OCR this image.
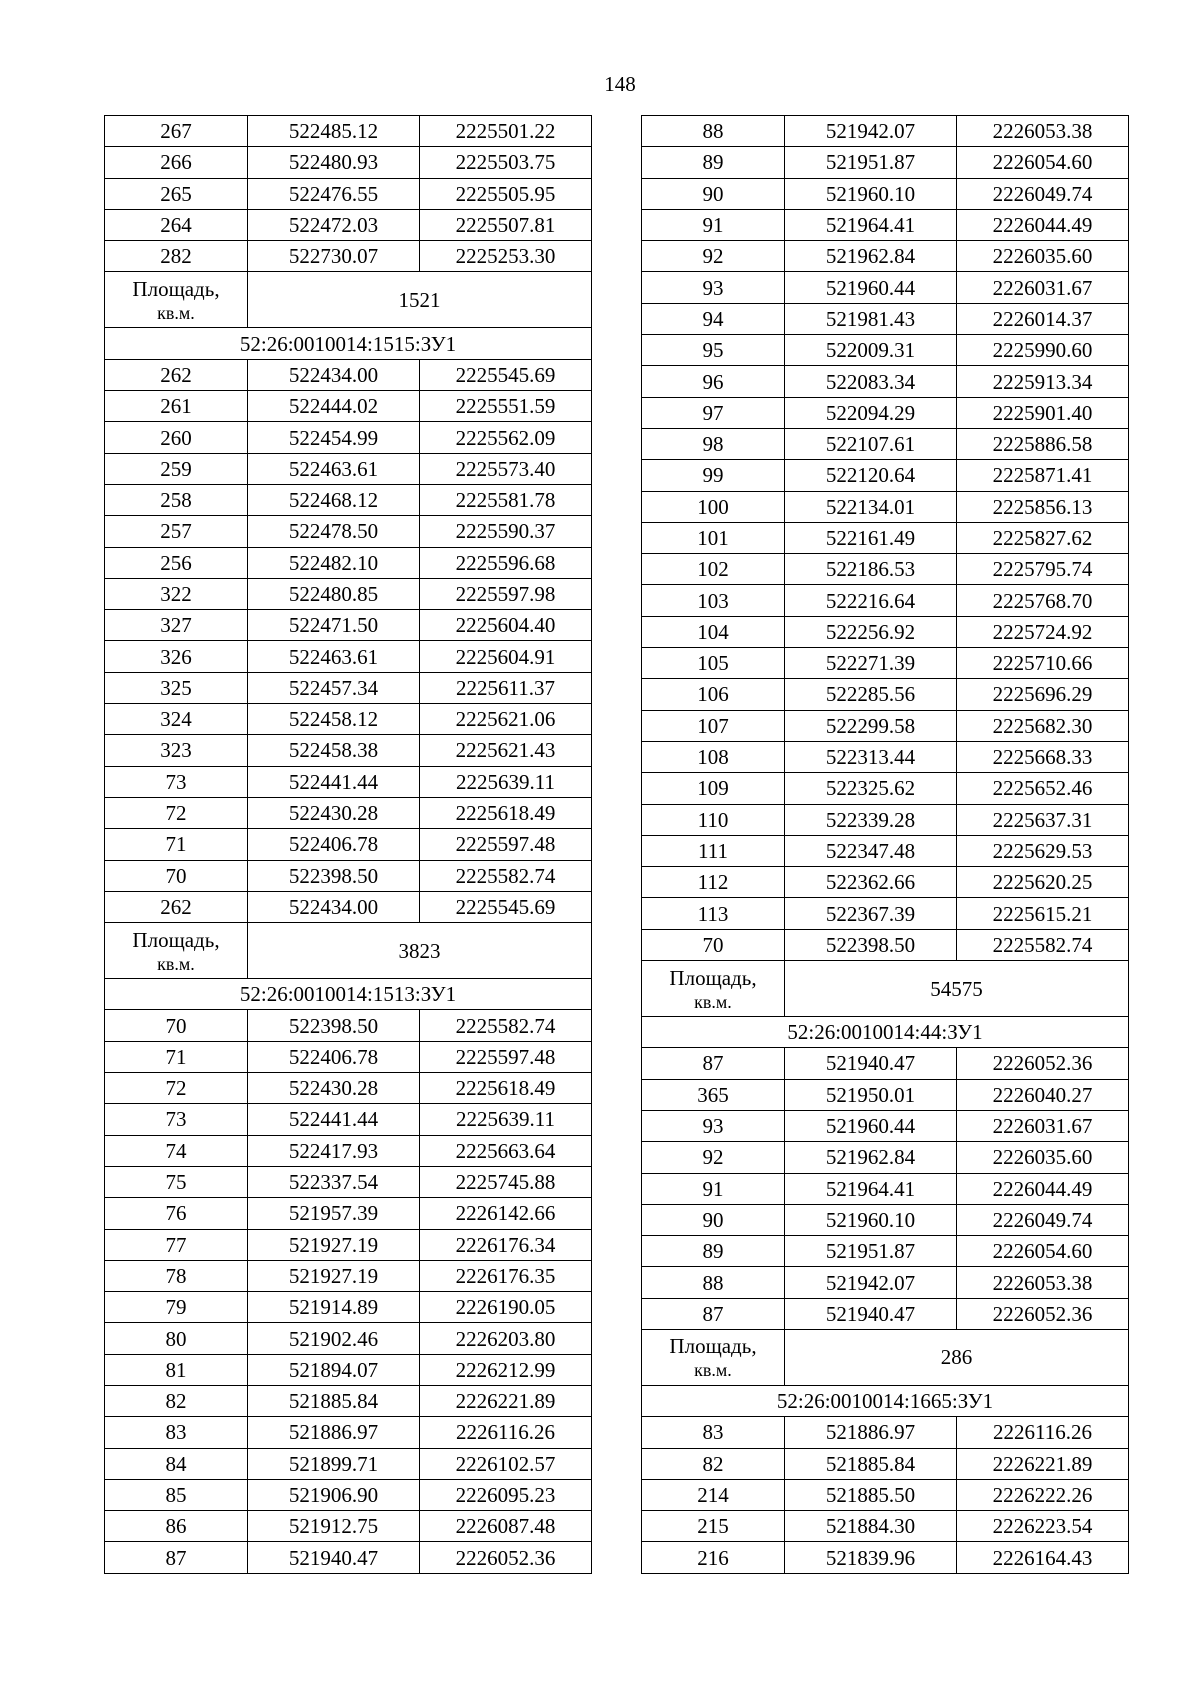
148
267	522485.12	2225501.22
266	522480.93	2225503.75
265	522476.55	2225505.95
264	522472.03	2225507.81
282	522730.07	2225253.30

Площадь,
кв.м.	1521	
52:26:0010014:1515:ЗУ1		
262	522434.00	2225545.69
261	522444.02	2225551.59
260	522454.99	2225562.09
259	522463.61	2225573.40
258	522468.12	2225581.78
257	522478.50	2225590.37
256	522482.10	2225596.68
322	522480.85	2225597.98
327	522471.50	2225604.40
326	522463.61	2225604.91
325	522457.34	2225611.37
324	522458.12	2225621.06
323	522458.38	2225621.43
73	522441.44	2225639.11
72	522430.28	2225618.49
71	522406.78	2225597.48
70	522398.50	2225582.74
262	522434.00	2225545.69

Площадь,
кв.м.	3823	
52:26:0010014:1513:ЗУ1		
70	522398.50	2225582.74
71	522406.78	2225597.48
72	522430.28	2225618.49
73	522441.44	2225639.11
74	522417.93	2225663.64
75	522337.54	2225745.88
76	521957.39	2226142.66
77	521927.19	2226176.34
78	521927.19	2226176.35
79	521914.89	2226190.05
80	521902.46	2226203.80
81	521894.07	2226212.99
82	521885.84	2226221.89
83	521886.97	2226116.26
84	521899.71	2226102.57
85	521906.90	2226095.23
86	521912.75	2226087.48
87	521940.47	2226052.36
88	521942.07	2226053.38
89	521951.87	2226054.60
90	521960.10	2226049.74
91	521964.41	2226044.49
92	521962.84	2226035.60
93	521960.44	2226031.67
94	521981.43	2226014.37
95	522009.31	2225990.60
96	522083.34	2225913.34
97	522094.29	2225901.40
98	522107.61	2225886.58
99	522120.64	2225871.41
100	522134.01	2225856.13
101	522161.49	2225827.62
102	522186.53	2225795.74
103	522216.64	2225768.70
104	522256.92	2225724.92
105	522271.39	2225710.66
106	522285.56	2225696.29
107	522299.58	2225682.30
108	522313.44	2225668.33
109	522325.62	2225652.46
110	522339.28	2225637.31
111	522347.48	2225629.53
112	522362.66	2225620.25
113	522367.39	2225615.21
70	522398.50	2225582.74

Площадь,
кв.м.	54575	
52:26:0010014:44:ЗУ1		
87	521940.47	2226052.36
365	521950.01	2226040.27
93	521960.44	2226031.67
92	521962.84	2226035.60
91	521964.41	2226044.49
90	521960.10	2226049.74
89	521951.87	2226054.60
88	521942.07	2226053.38
87	521940.47	2226052.36

Площадь,
кв.м.	286	
52:26:0010014:1665:ЗУ1		
83	521886.97	2226116.26
82	521885.84	2226221.89
214	521885.50	2226222.26
215	521884.30	2226223.54
216	521839.96	2226164.43
